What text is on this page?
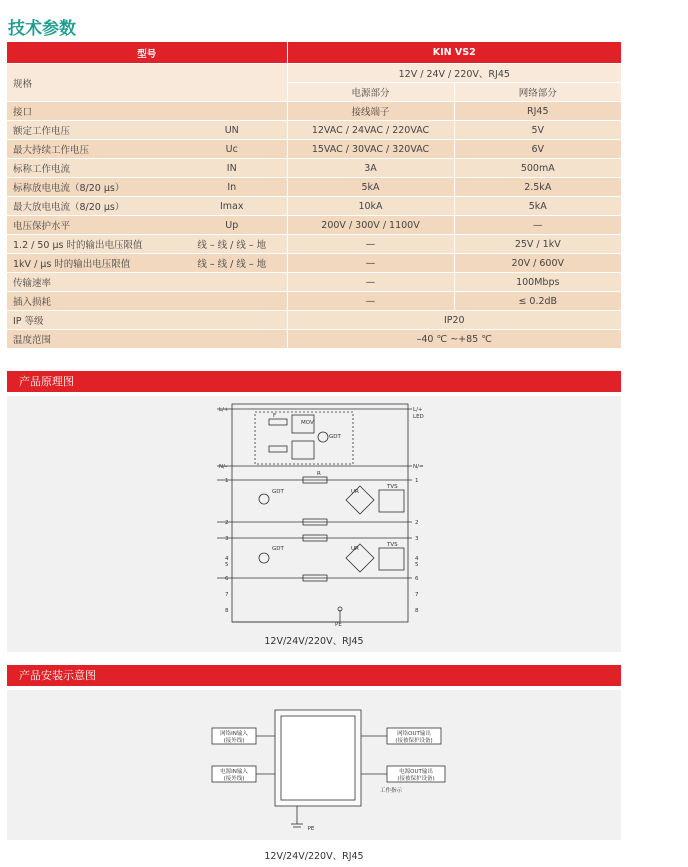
技术参数
型号		KIN VS2	
规格		12V / 24V / 220V、RJ45	
		电源部分	网络部分
接口		接线端子	RJ45
额定工作电压	UN	12VAC / 24VAC / 220VAC	5V
最大持续工作电压	Uc	15VAC / 30VAC / 320VAC	6V
标称工作电流	IN	3A	500mA
标称放电电流（8/20 μs）	In	5kA	2.5kA
最大放电电流（8/20 μs）	Imax	10kA	5kA
电压保护水平	Up	200V / 300V / 1100V	—
1.2 / 50 μs 时的输出电压限值	线 – 线 / 线 – 地	—	25V / 1kV
1kV / μs 时的输出电压限值	线 – 线 / 线 – 地	—	20V / 600V
传输速率		—	100Mbps
插入损耗		—	≤ 0.2dB
IP 等级		IP20	
温度范围		–40 ℃ ~+85 ℃	
产品原理图
L/+	L/+
LED
N/-	N/=
F
MOV
GDT
GDT
GDT
R
UR
TVS
UR
TVS
PE
1	1
2	2
3	3
4	4
5	5
6	6
7	7
8	8
12V/24V/220V、RJ45
产品安装示意图
网络IN输入
(接外线)
网络OUT输出
(接被保护设备)
电源IN输入
(接外线)
电源OUT输出
(接被保护设备)
工作指示
PE
12V/24V/220V、RJ45
